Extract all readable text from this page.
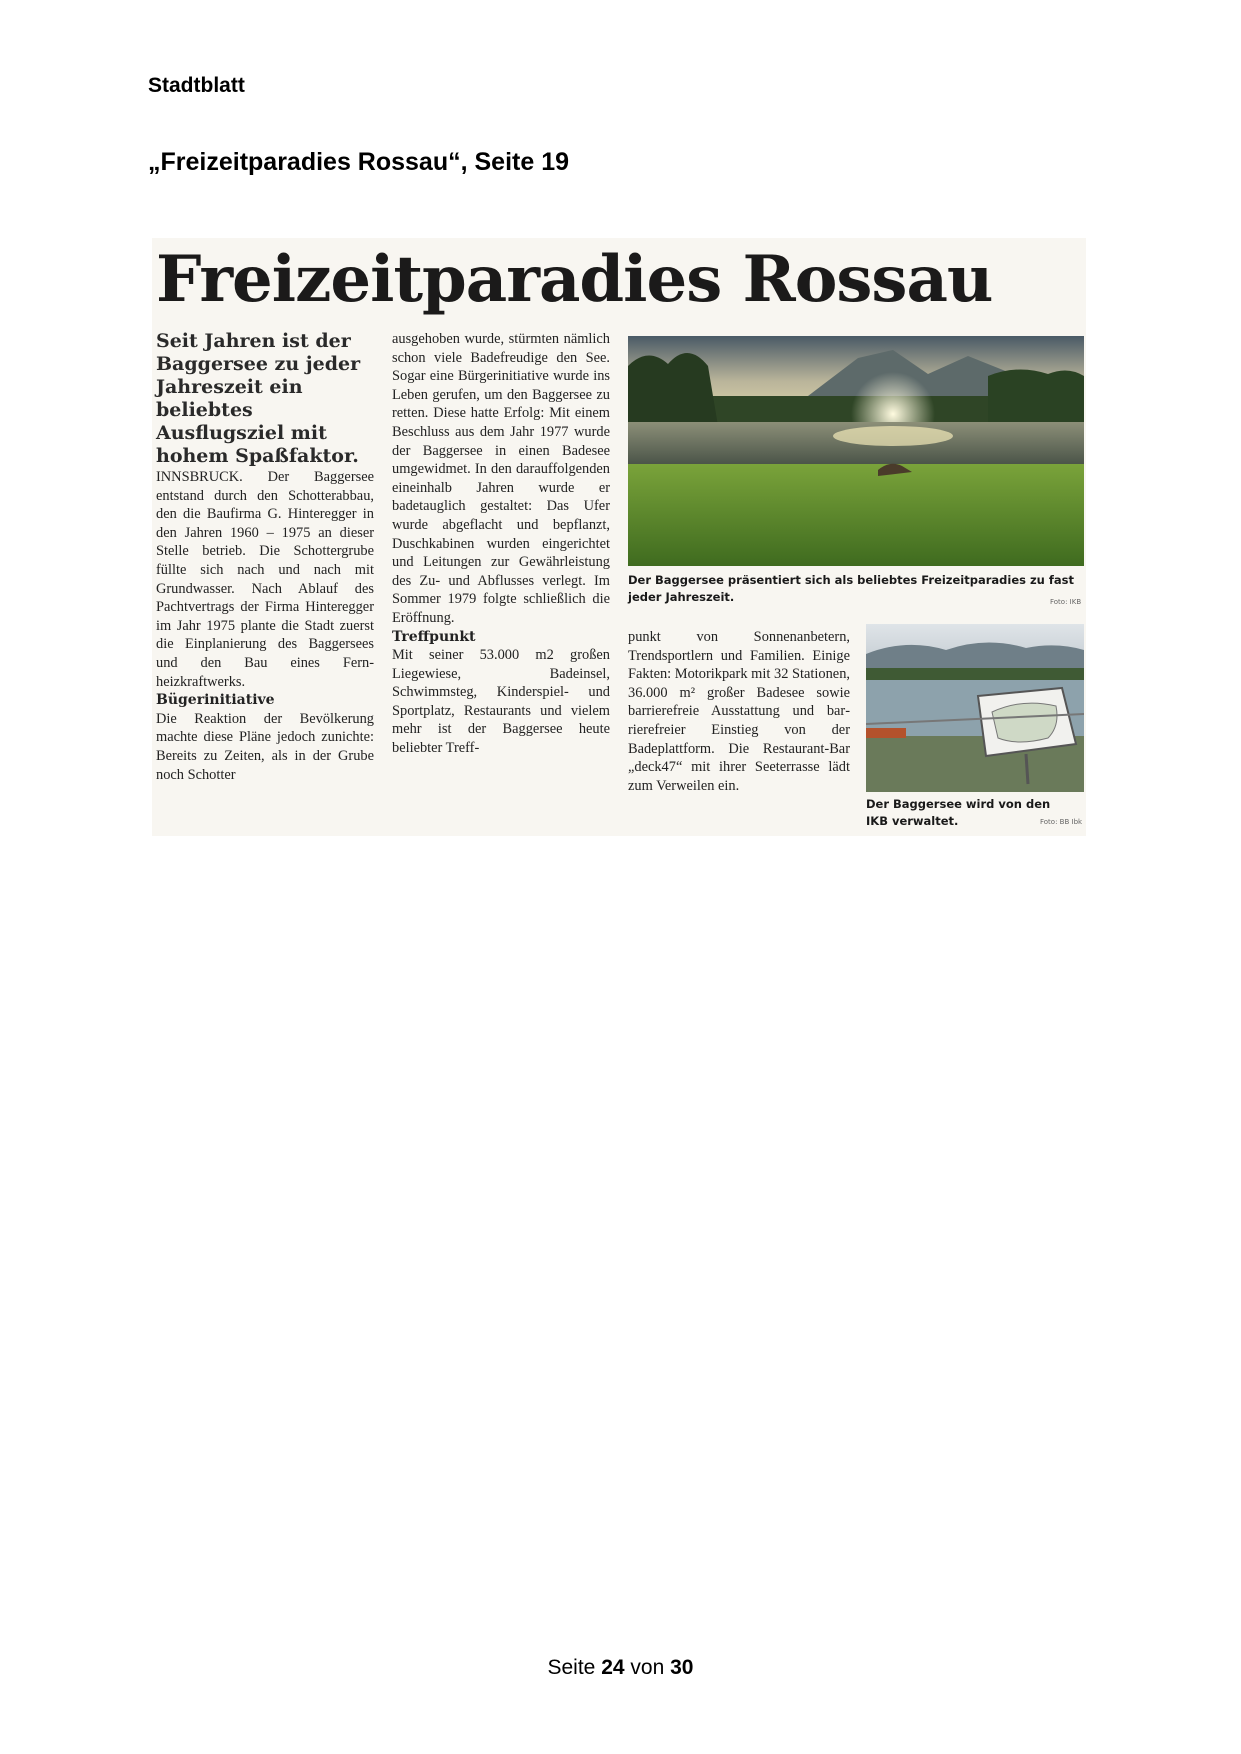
Stadtblatt
„Freizeitparadies Rossau“, Seite 19
Freizeitparadies Rossau

Seit Jahren ist der Baggersee zu jeder Jahreszeit ein beliebtes Ausflugsziel mit hohem Spaßfaktor.

INNSBRUCK. Der Baggersee entstand durch den Schotterabbau, den die Baufirma G. Hinteregger in den Jahren 1960 – 1975 an dieser Stelle betrieb. Die Schottergrube füllte sich nach und nach mit Grundwasser. Nach Ablauf des Pachtvertrags der Firma Hinteregger im Jahr 1975 plante die Stadt zuerst die Einplanierung des Baggersees und den Bau eines Fernheizkraftwerks.

Bügerinitiative

Die Reaktion der Bevölkerung machte diese Pläne jedoch zunichte: Bereits zu Zeiten, als in der Grube noch Schotter

ausgehoben wurde, stürmten nämlich schon viele Badefreudige den See. Sogar eine Bürgerinitiative wurde ins Leben gerufen, um den Baggersee zu retten. Diese hatte Erfolg: Mit einem Beschluss aus dem Jahr 1977 wurde der Baggersee in einen Badesee umgewidmet. In den darauffolgenden eineinhalb Jahren wurde er badetauglich gestaltet: Das Ufer wurde abgeflacht und bepflanzt, Duschkabinen wurden eingerichtet und Leitungen zur Gewährleistung des Zu- und Abflusses verlegt. Im Sommer 1979 folgte schließlich die Eröffnung.

Treffpunkt

Mit seiner 53.000 m2 großen Liegewiese, Badeinsel, Schwimmsteg, Kinderspiel- und Sportplatz, Restaurants und vielem mehr ist der Baggersee heute beliebter Treff-

Der Baggersee präsentiert sich als beliebtes Freizeitparadies zu fast jeder Jahreszeit.	Foto: IKB

punkt von Sonnenanbetern, Trendsportlern und Familien. Einige Fakten: Motorikpark mit 32 Stationen, 36.000 m² großer Badesee sowie barrierefreie Ausstattung und barrierefreier Einstieg von der Badeplattform. Die Restaurant-Bar „deck47“ mit ihrer Seeterrasse lädt zum Verweilen ein.

Der Baggersee wird von den IKB verwaltet.	Foto: BB Ibk
Seite 24 von 30
